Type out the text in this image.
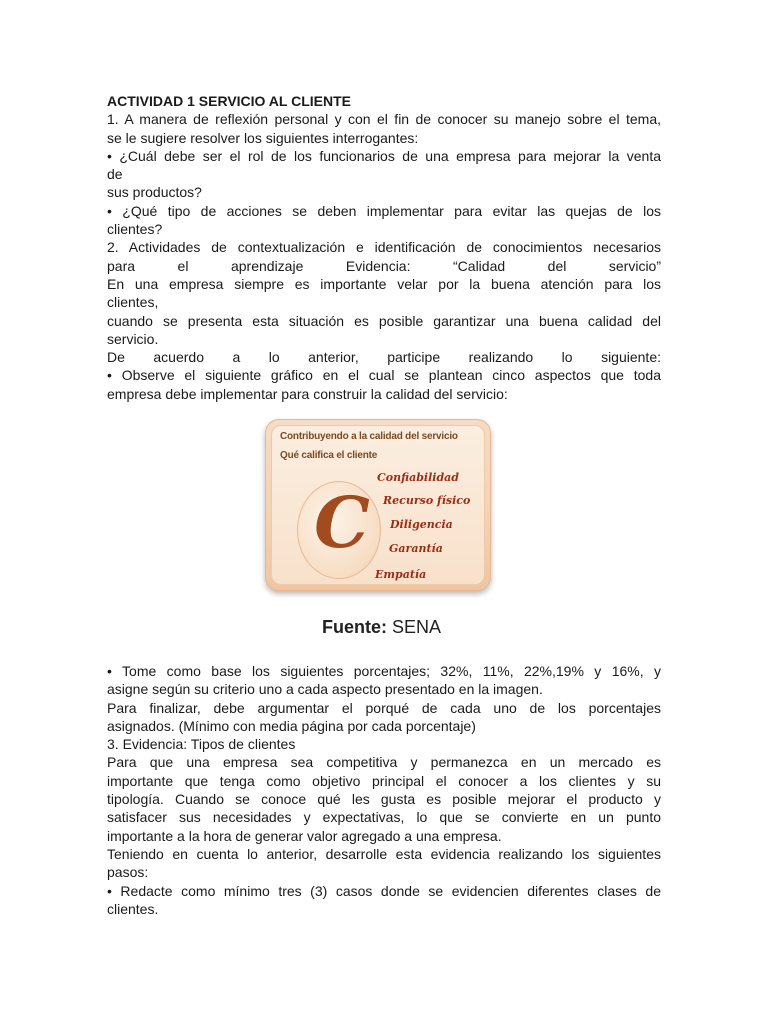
ACTIVIDAD 1 SERVICIO AL CLIENTE

1. A manera de reflexión personal y con el fin de conocer su manejo sobre el tema,

se le sugiere resolver los siguientes interrogantes:

• ¿Cuál debe ser el rol de los funcionarios de una empresa para mejorar la venta

de

sus productos?

• ¿Qué tipo de acciones se deben implementar para evitar las quejas de los

clientes?

2. Actividades de contextualización e identificación de conocimientos necesarios

para el aprendizaje Evidencia: “Calidad del servicio”

En una empresa siempre es importante velar por la buena atención para los

clientes,

cuando se presenta esta situación es posible garantizar una buena calidad del

servicio.

De acuerdo a lo anterior, participe realizando lo siguiente:

• Observe el siguiente gráfico en el cual se plantean cinco aspectos que toda

empresa debe implementar para construir la calidad del servicio:

Contribuyendo a la calidad del servicio
Qué califica el cliente
C
Confiabilidad
Recurso físico
Diligencia
Garantía
Empatía
Fuente: SENA

• Tome como base los siguientes porcentajes; 32%, 11%, 22%,19% y 16%, y

asigne según su criterio uno a cada aspecto presentado en la imagen.

Para finalizar, debe argumentar el porqué de cada uno de los porcentajes

asignados. (Mínimo con media página por cada porcentaje)

3. Evidencia: Tipos de clientes

Para que una empresa sea competitiva y permanezca en un mercado es

importante que tenga como objetivo principal el conocer a los clientes y su

tipología. Cuando se conoce qué les gusta es posible mejorar el producto y

satisfacer sus necesidades y expectativas, lo que se convierte en un punto

importante a la hora de generar valor agregado a una empresa.

Teniendo en cuenta lo anterior, desarrolle esta evidencia realizando los siguientes

pasos:

• Redacte como mínimo tres (3) casos donde se evidencien diferentes clases de

clientes.
